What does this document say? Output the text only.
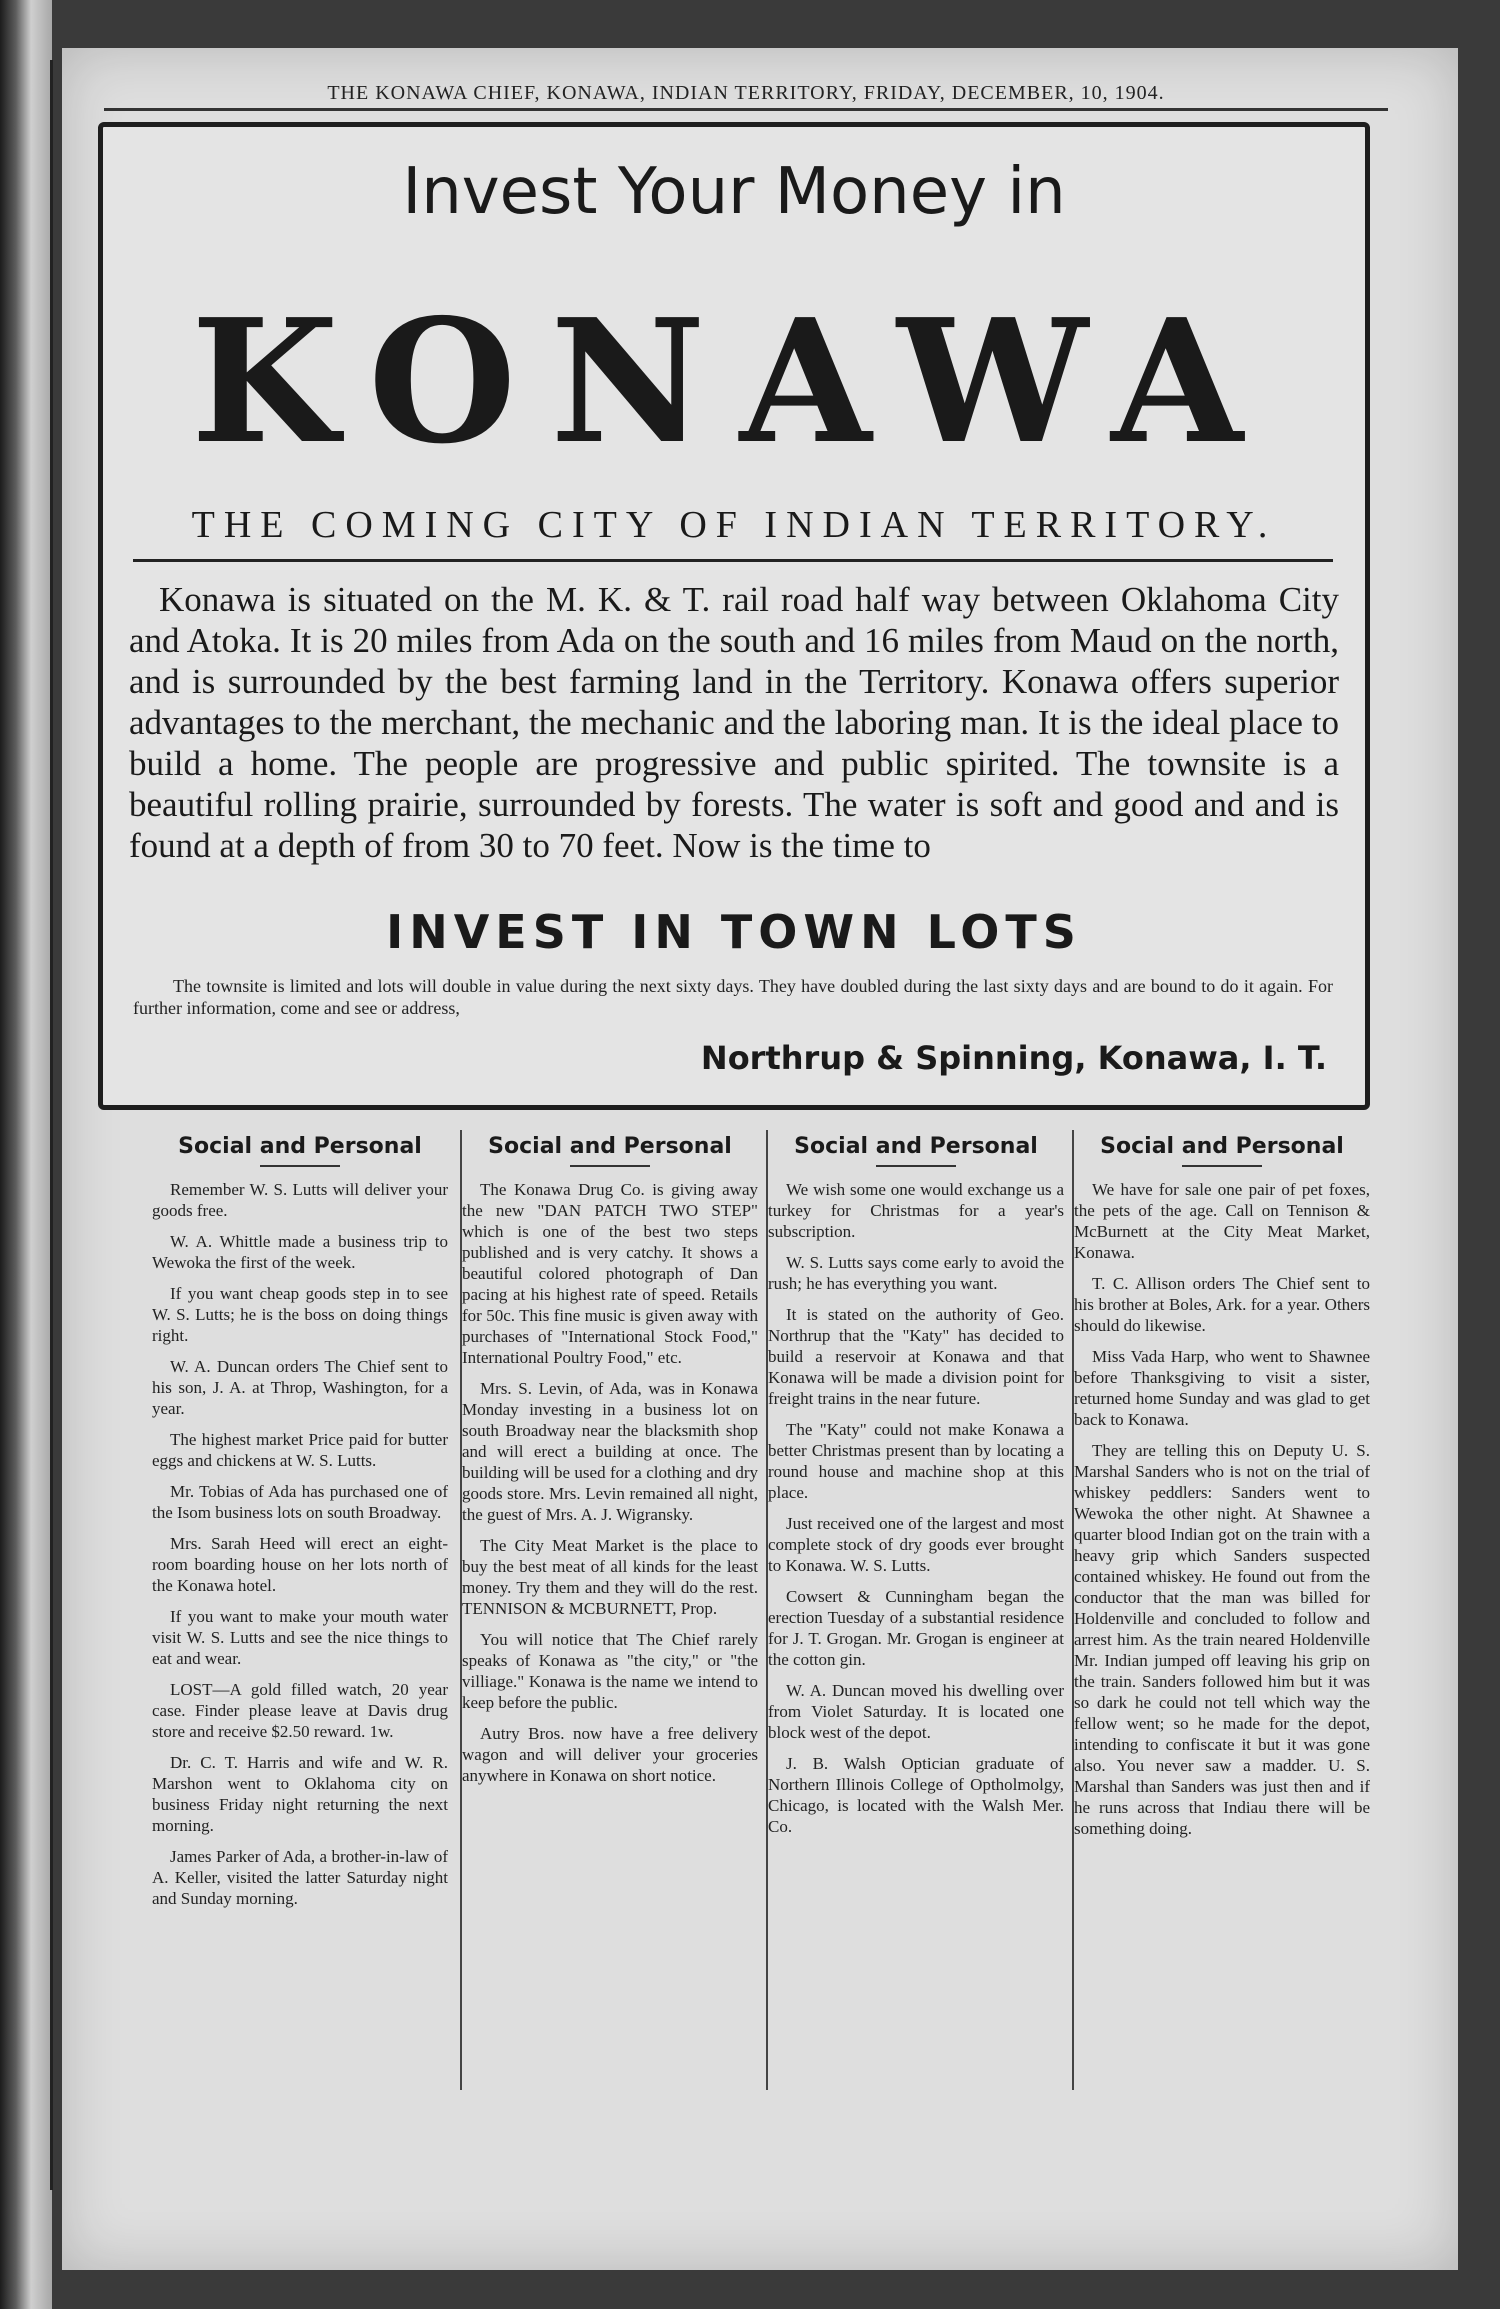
THE KONAWA CHIEF, KONAWA, INDIAN TERRITORY, FRIDAY, DECEMBER, 10, 1904.
Invest Your Money in
KONAWA
THE COMING CITY OF INDIAN TERRITORY.
Konawa is situated on the M. K. & T. rail road half way between Oklahoma City and Atoka. It is 20 miles from Ada on the south and 16 miles from Maud on the north, and is surrounded by the best farming land in the Territory. Konawa offers superior advantages to the merchant, the mechanic and the laboring man. It is the ideal place to build a home. The people are progressive and public spirited. The townsite is a beautiful rolling prairie, surrounded by forests. The water is soft and good and and is found at a depth of from 30 to 70 feet. Now is the time to
INVEST IN TOWN LOTS
The townsite is limited and lots will double in value during the next sixty days. They have doubled during the last sixty days and are bound to do it again. For further information, come and see or address,
Northrup & Spinning, Konawa, I. T.
Social and Personal

Remember W. S. Lutts will deliver your goods free.

W. A. Whittle made a business trip to Wewoka the first of the week.

If you want cheap goods step in to see W. S. Lutts; he is the boss on doing things right.

W. A. Duncan orders The Chief sent to his son, J. A. at Throp, Washington, for a year.

The highest market Price paid for butter eggs and chickens at W. S. Lutts.

Mr. Tobias of Ada has purchased one of the Isom business lots on south Broadway.

Mrs. Sarah Heed will erect an eight-room boarding house on her lots north of the Konawa hotel.

If you want to make your mouth water visit W. S. Lutts and see the nice things to eat and wear.

LOST—A gold filled watch, 20 year case. Finder please leave at Davis drug store and receive $2.50 reward. 1w.

Dr. C. T. Harris and wife and W. R. Marshon went to Oklahoma city on business Friday night returning the next morning.

James Parker of Ada, a brother-in-law of A. Keller, visited the latter Saturday night and Sunday morning.

Social and Personal

The Konawa Drug Co. is giving away the new "DAN PATCH TWO STEP" which is one of the best two steps published and is very catchy. It shows a beautiful colored photograph of Dan pacing at his highest rate of speed. Retails for 50c. This fine music is given away with purchases of "International Stock Food," International Poultry Food," etc.

Mrs. S. Levin, of Ada, was in Konawa Monday investing in a business lot on south Broadway near the blacksmith shop and will erect a building at once. The building will be used for a clothing and dry goods store. Mrs. Levin remained all night, the guest of Mrs. A. J. Wigransky.

The City Meat Market is the place to buy the best meat of all kinds for the least money. Try them and they will do the rest. TENNISON & MCBURNETT, Prop.

You will notice that The Chief rarely speaks of Konawa as "the city," or "the villiage." Konawa is the name we intend to keep before the public.

Autry Bros. now have a free delivery wagon and will deliver your groceries anywhere in Konawa on short notice.

Social and Personal

We wish some one would exchange us a turkey for Christmas for a year's subscription.

W. S. Lutts says come early to avoid the rush; he has everything you want.

It is stated on the authority of Geo. Northrup that the "Katy" has decided to build a reservoir at Konawa and that Konawa will be made a division point for freight trains in the near future.

The "Katy" could not make Konawa a better Christmas present than by locating a round house and machine shop at this place.

Just received one of the largest and most complete stock of dry goods ever brought to Konawa. W. S. Lutts.

Cowsert & Cunningham began the erection Tuesday of a substantial residence for J. T. Grogan. Mr. Grogan is engineer at the cotton gin.

W. A. Duncan moved his dwelling over from Violet Saturday. It is located one block west of the depot.

J. B. Walsh Optician graduate of Northern Illinois College of Optholmolgy, Chicago, is located with the Walsh Mer. Co.

Social and Personal

We have for sale one pair of pet foxes, the pets of the age. Call on Tennison & McBurnett at the City Meat Market, Konawa.

T. C. Allison orders The Chief sent to his brother at Boles, Ark. for a year. Others should do likewise.

Miss Vada Harp, who went to Shawnee before Thanksgiving to visit a sister, returned home Sunday and was glad to get back to Konawa.

They are telling this on Deputy U. S. Marshal Sanders who is not on the trial of whiskey peddlers: Sanders went to Wewoka the other night. At Shawnee a quarter blood Indian got on the train with a heavy grip which Sanders suspected contained whiskey. He found out from the conductor that the man was billed for Holdenville and concluded to follow and arrest him. As the train neared Holdenville Mr. Indian jumped off leaving his grip on the train. Sanders followed him but it was so dark he could not tell which way the fellow went; so he made for the depot, intending to confiscate it but it was gone also. You never saw a madder. U. S. Marshal than Sanders was just then and if he runs across that Indiau there will be something doing.
